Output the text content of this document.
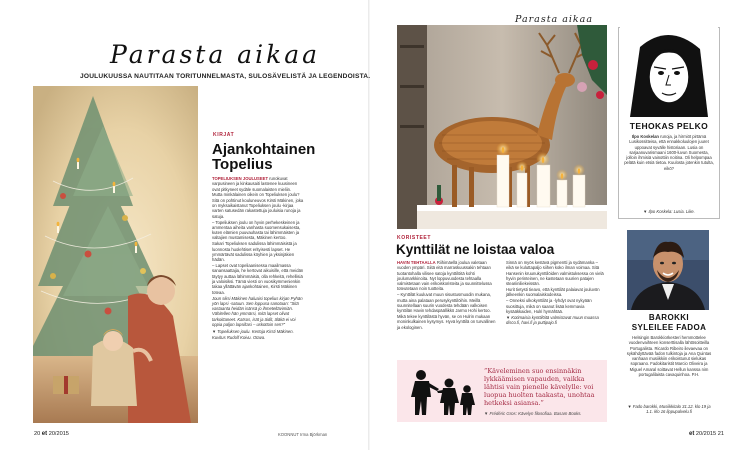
Parasta aikaa
JOULUKUUSSA NAUTITAAN TORITUNNELMASTA, SULOSÄVELISTÄ JA LEGENDOISTA.
KIRJAT
Ajankohtainen
Topelius

TOPELIUKSEN JOULUSEET runokuvat varpusineen ja kinkausaiti lastenee kuusineen ovat pitkyneet sydäle suomalaisten mieliin.

Mutta minkälainen oikein on Topeliuksen joulu? Sitä on pohtinut kouluneuvos Kirsti Mäkinen, joka on myksaikaistanut Topeliuksen joulu -kirjaa varten satusedän rakastettuja jouluisia runoja ja satuja.

– Topeliuksen joulu on hyvin perhekeskeinen ja ammentaa aiheita vanhasta suomensukaisesta, kuten elämien puuvauhasta tai lähimmäisten ja valtajien mustamisesta, Mäkinen kertoo.

Sakari Topeliuksen sadulissa lähimmäisistä ja luonnosta huolehtiset erityisesti lapset. He ymmärtävät sadulissa köyhien ja yksinjäkien hädän.

– Lapset ovat topeliaanisessa maailmassa sanansaattajia, he kertovat aikuisille, että meidän täytyy auttaa lähimmäisiä, olla rehkeitä, rehellisiä ja valoisiksi. Tämä viesti on vuosikymmenienkin takaa yllättävän ajankohtainen, Kirsti Mäkinen toteaa.

Joun siksi Mäkinen haluaisi topelius kirjan Pyhän yön lapsi -satuun. Sen loppusa sanotaan: "Sitä vastaanta heidän isänsä jo ihmeteltävimiän. Vähitellen hän ymmärsi, mitä lapset olivat tarkoittaneet. Katsos, isät ja äidit, äläkä ei voi oppia paljon lapsiltasi – uskottoin sen?"

▼ Topeliuksen joulu. Kertoja Kirsti Mäkinen. Kuvitus Rudolf Koivu. Otava.

20 et 20/2015	KOONNUT Irma Björkman
Parasta aikaa
KORISTEET
Kynttilät ne loistaa valoa

HAVIN TEHTAALLA Riihimäellä joulua valetaan vuoden ympäri. Siitä eitä marraskuussakin tehtaan tuotantohalla vilisee satoja kynttilöitä kohti joulumarkkinoita. Nyt loppuvuodesta tehtaalla valmistetaan vain erikoiskoristeita ja suunnittelussa toteutetaan noin tuotteita.

– Kynttilät kuuluvat muun sisustusmuodin mukana, mutta aina palataan perusykynttilöihin. Meillä suunnitellaan suurin vuodesta tehdään valkoisen kynttilän Havin tehdaspäällikkö Jarmo Hohi kertoo.

Mikä tekee kynttilästä hyvän, se on Hulrin mukaan moninkulkainen kysymys. Hyvä kynttilä on turvallinen ja ekologinen.

Sinnä on myös kestävä pigmentti ja sydämanka – eikä se kuluttapaljo siihen koko ilman voimaa. Sitä Hansenin kruunukynttilöiden valmistuksessa on vielä hyvin perinteinen, ne kastetaan suurien patajen steariiniliekeissän.

Hurit tietysti tieavo, että kynttilät palaiavat jouluvön jälkeenkin suomalaiskodeissa.

– Onneksi ulkokynttilät ja -lyhdyt ovat nykyään suosittuja, mikä on saanut lisää kemmavia kysääkkaiden, Hulri hymähtää.

▼ Kotimaisia kynttilöitä valmistavat muun muassa disco.fi, havi.fi ja puttipajo.fi

”Käveleminen suo ensinnäkin lykkäämisen vapauden, vaikka lähtisi vain pienelle kävelylle: voi luopua huolten taakasta, unohtaa hetkeksi asiansa.”
▼ Frédéric Gros: Kävelyn filosofiaa. Basam Books.
TEHOKAS PELKO
Ilpo Koskelan runoja, ja hirmiöt pirtämä Lusikossitteisa, että ennakkoluulojen juuret uppoavat syvälle historiaan. Lusia on sarjaanuvarismaani 1600-luvun Suomesta, jolloin ihmisiä vainottiin noitina. Oli helpompaa pelätä kuin etsiä tietoa. Kuulosta jotenkin tutulta, eikö?
▼ Ilpo Koskela: Lusia. Like.
BAROKKI
SYLEILEE FADOA
Helsingin Barokkiorkesteri hemmottelee vuodenvaihteen konserttisalla lähtösoitteilla Portugalista. Ricardo Ribeiro ilevaevaa on sykähdyttävää fadon tulkintoja ja Ana Quintas vanhaan musiikkiin erikoistunut sielukas sopraano. Fadokitaristit Marcio Oliveira ja Miguel Amaral soittavat Hellun kanssa nim portugalilaista cavaquinhoa. P.H.
▼ Fado barokki, Musiikkitalo 31.12. klo 19 ja 1.1. klo 16 lippupalvelu.fi
et 20/2015 21
